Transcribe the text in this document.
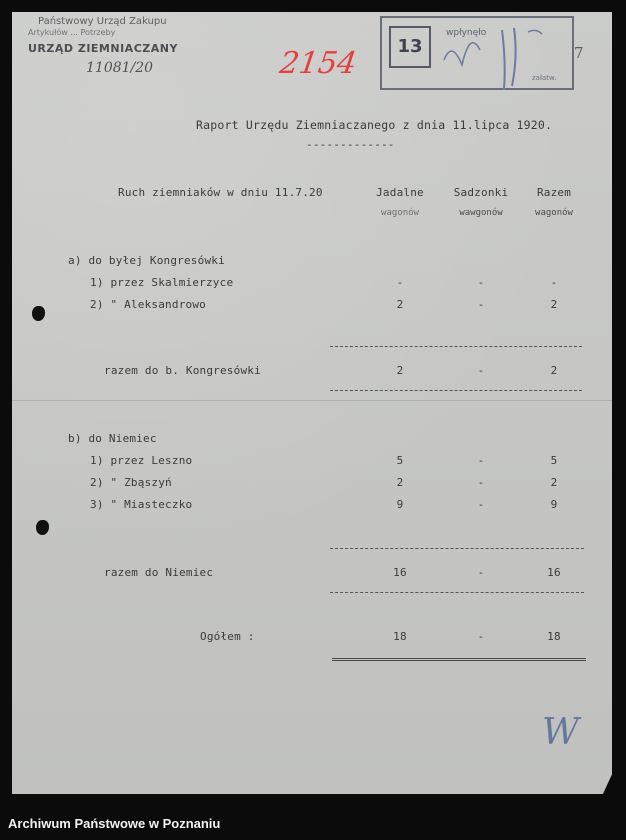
Państwowy Urząd Zakupu
Artykułów ... Potrzeby
URZĄD ZIEMNIACZANY
11081/20	2154	13
wpłynęło
załatw.
7
Raport Urzędu Ziemniaczanego z dnia 11.lipca 1920.
-------------
Ruch ziemniaków w dniu 11.7.20	Jadalne	Sadzonki	Razem
wagonów	wawgonów	wagonów
a) do byłej Kongresówki
1) przez Skalmierzyce	-	-	-
2) " Aleksandrowo	2	-	2
razem do b. Kongresówki	2	-	2
b) do Niemiec
1) przez Leszno	5	-	5
2) " Zbąszyń	2	-	2
3) " Miasteczko	9	-	9
razem do Niemiec	16	-	16
Ogółem :	18	-	18
W
Archiwum Państwowe w Poznaniu
